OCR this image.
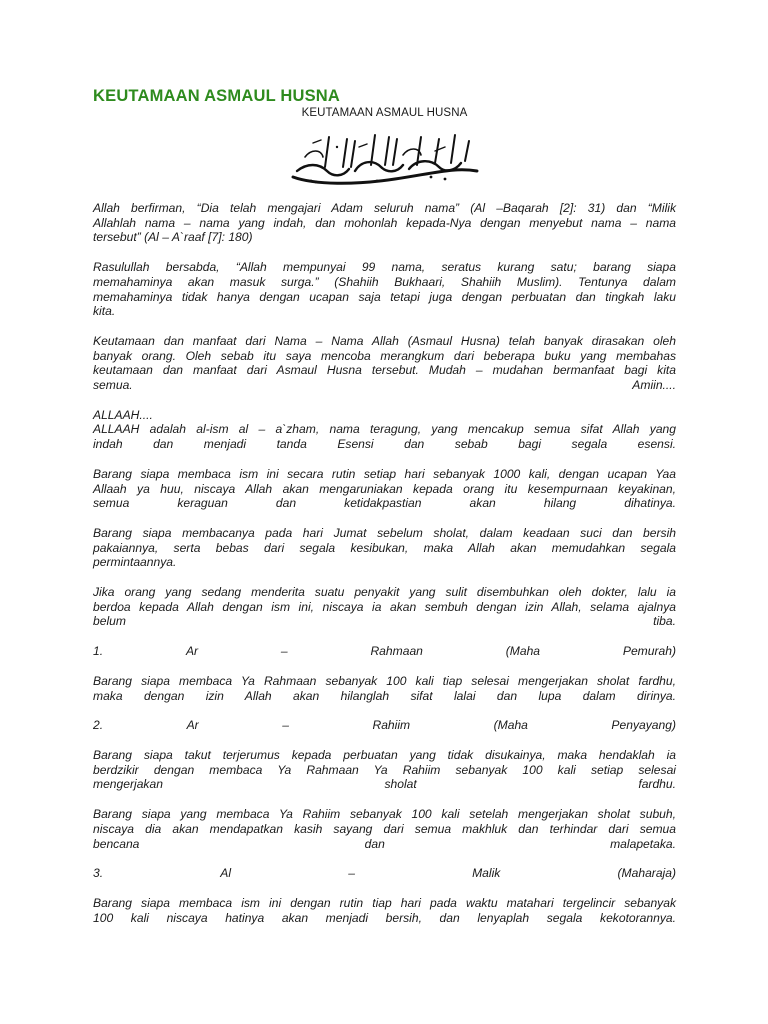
KEUTAMAAN ASMAUL HUSNA

KEUTAMAAN ASMAUL HUSNA

Allah berfirman, “Dia telah mengajari Adam seluruh nama” (Al –Baqarah [2]: 31) dan “Milik
Allahlah nama – nama yang indah, dan mohonlah kepada-Nya dengan menyebut nama – nama
tersebut” (Al – A`raaf [7]: 180)

Rasulullah bersabda, “Allah mempunyai 99 nama, seratus kurang satu; barang siapa
memahaminya akan masuk surga.” (Shahiih Bukhaari, Shahiih Muslim). Tentunya dalam
memahaminya tidak hanya dengan ucapan saja tetapi juga dengan perbuatan dan tingkah laku
kita.

Keutamaan dan manfaat dari Nama – Nama Allah (Asmaul Husna) telah banyak dirasakan oleh
banyak orang. Oleh sebab itu saya mencoba merangkum dari beberapa buku yang membahas
keutamaan dan manfaat dari Asmaul Husna tersebut. Mudah – mudahan bermanfaat bagi kita
semua. Amiin....

ALLAAH....
ALLAAH adalah al-ism al – a`zham, nama teragung, yang mencakup semua sifat Allah yang
indah dan menjadi tanda Esensi dan sebab bagi segala esensi.

Barang siapa membaca ism ini secara rutin setiap hari sebanyak 1000 kali, dengan ucapan Yaa
Allaah ya huu, niscaya Allah akan mengaruniakan kepada orang itu kesempurnaan keyakinan,
semua keraguan dan ketidakpastian akan hilang dihatinya.

Barang siapa membacanya pada hari Jumat sebelum sholat, dalam keadaan suci dan bersih
pakaiannya, serta bebas dari segala kesibukan, maka Allah akan memudahkan segala
permintaannya.

Jika orang yang sedang menderita suatu penyakit yang sulit disembuhkan oleh dokter, lalu ia
berdoa kepada Allah dengan ism ini, niscaya ia akan sembuh dengan izin Allah, selama ajalnya
belum tiba.

1.	Ar	–	Rahmaan	(Maha	Pemurah)

Barang siapa membaca Ya Rahmaan sebanyak 100 kali tiap selesai mengerjakan sholat fardhu,
maka dengan izin Allah akan hilanglah sifat lalai dan lupa dalam dirinya.

2.	Ar	–	Rahiim	(Maha	Penyayang)

Barang siapa takut terjerumus kepada perbuatan yang tidak disukainya, maka hendaklah ia
berdzikir dengan membaca Ya Rahmaan Ya Rahiim sebanyak 100 kali setiap selesai
mengerjakan sholat fardhu.

Barang siapa yang membaca Ya Rahiim sebanyak 100 kali setelah mengerjakan sholat subuh,
niscaya dia akan mendapatkan kasih sayang dari semua makhluk dan terhindar dari semua
bencana dan malapetaka.

3.	Al	–	Malik	(Maharaja)

Barang siapa membaca ism ini dengan rutin tiap hari pada waktu matahari tergelincir sebanyak
100 kali niscaya hatinya akan menjadi bersih, dan lenyaplah segala kekotorannya.
